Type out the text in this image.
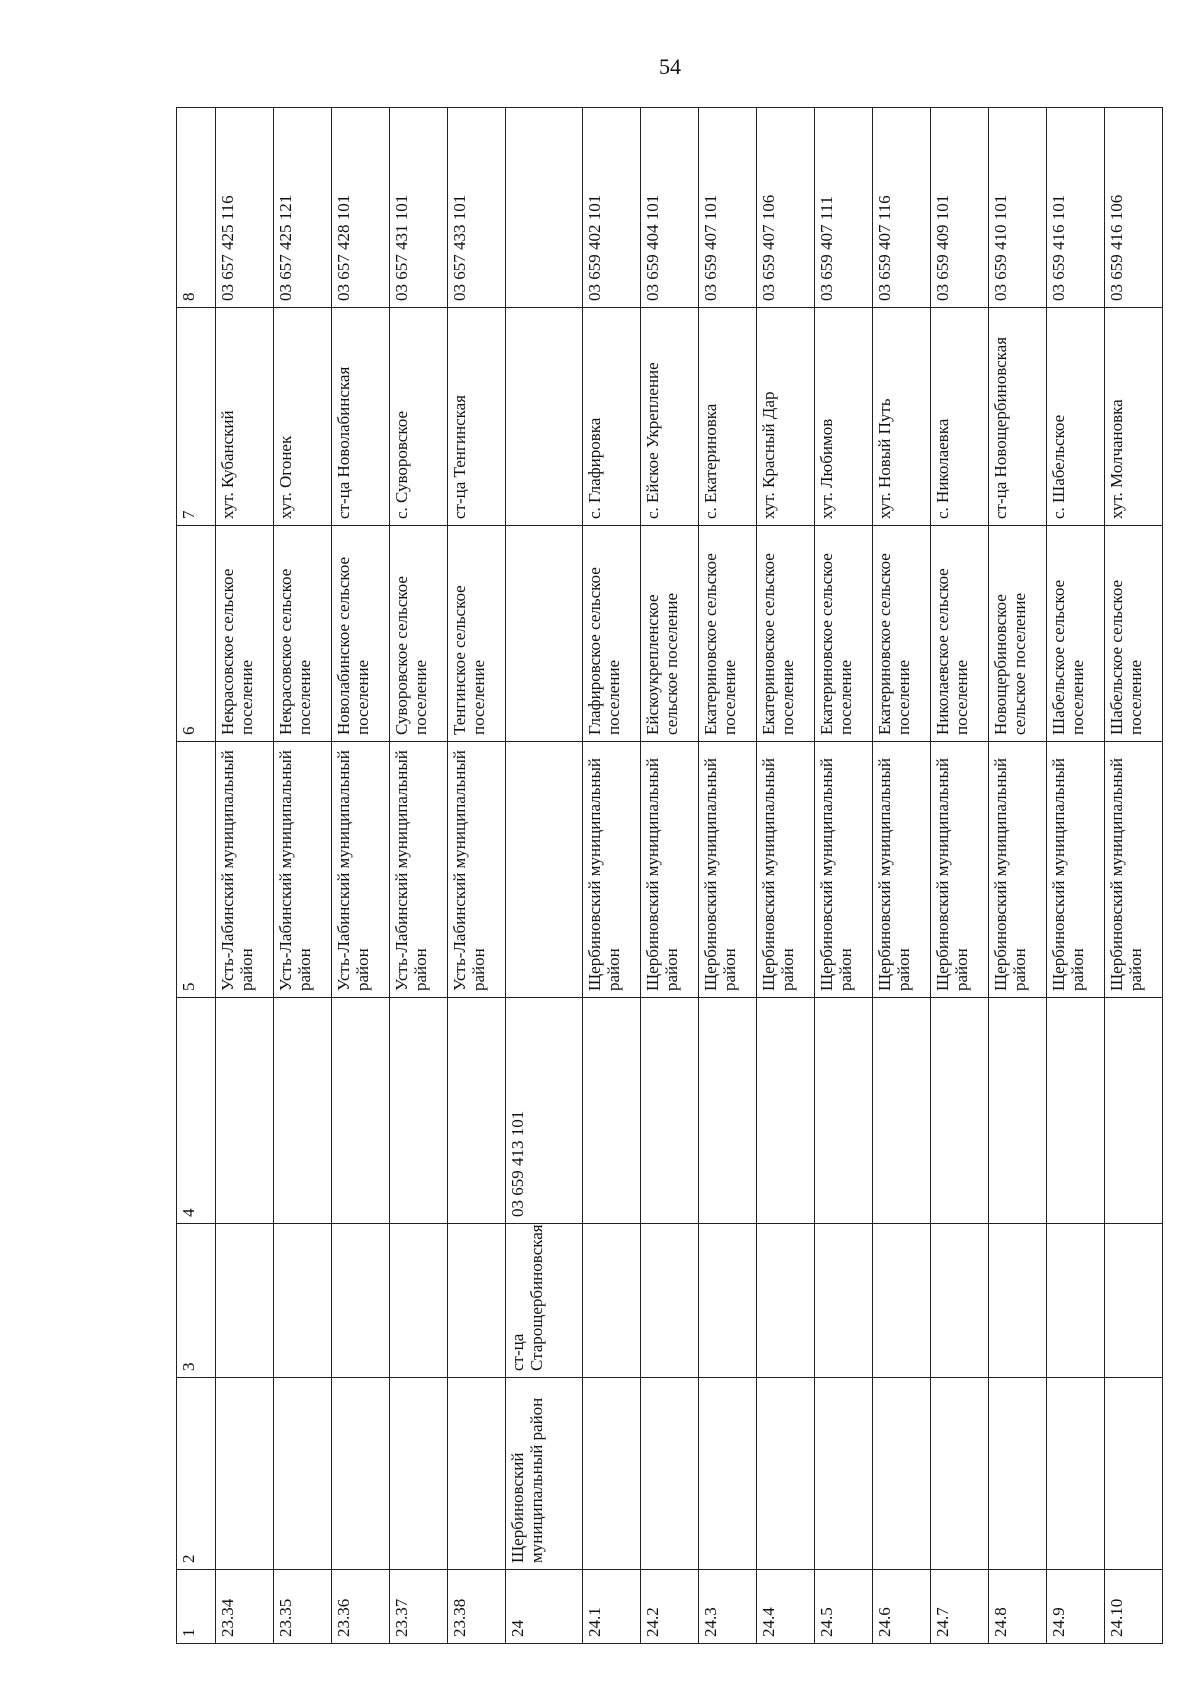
54
1	2	3	4	5	6	7	8
23.34				Усть-Лабинский муниципальный район	Некрасовское сельское поселение	хут. Кубанский	03 657 425 116
23.35				Усть-Лабинский муниципальный район	Некрасовское сельское поселение	хут. Огонек	03 657 425 121
23.36				Усть-Лабинский муниципальный район	Новолабинское сельское поселение	ст-ца Новолабинская	03 657 428 101
23.37				Усть-Лабинский муниципальный район	Суворовское сельское поселение	с. Суворовское	03 657 431 101
23.38				Усть-Лабинский муниципальный район	Тенгинское сельское поселение	ст-ца Тенгинская	03 657 433 101
24	Щербиновский муниципальный район	ст-ца Старощербиновская	03 659 413 101				
24.1				Щербиновский муниципальный район	Глафировское сельское поселение	с. Глафировка	03 659 402 101
24.2				Щербиновский муниципальный район	Ейскоукрепленское сельское поселение	с. Ейское Укрепление	03 659 404 101
24.3				Щербиновский муниципальный район	Екатериновское сельское поселение	с. Екатериновка	03 659 407 101
24.4				Щербиновский муниципальный район	Екатериновское сельское поселение	хут. Красный Дар	03 659 407 106
24.5				Щербиновский муниципальный район	Екатериновское сельское поселение	хут. Любимов	03 659 407 111
24.6				Щербиновский муниципальный район	Екатериновское сельское поселение	хут. Новый Путь	03 659 407 116
24.7				Щербиновский муниципальный район	Николаевское сельское поселение	с. Николаевка	03 659 409 101
24.8				Щербиновский муниципальный район	Новощербиновское сельское поселение	ст-ца Новощербиновская	03 659 410 101
24.9				Щербиновский муниципальный район	Шабельское сельское поселение	с. Шабельское	03 659 416 101
24.10				Щербиновский муниципальный район	Шабельское сельское поселение	хут. Молчановка	03 659 416 106
